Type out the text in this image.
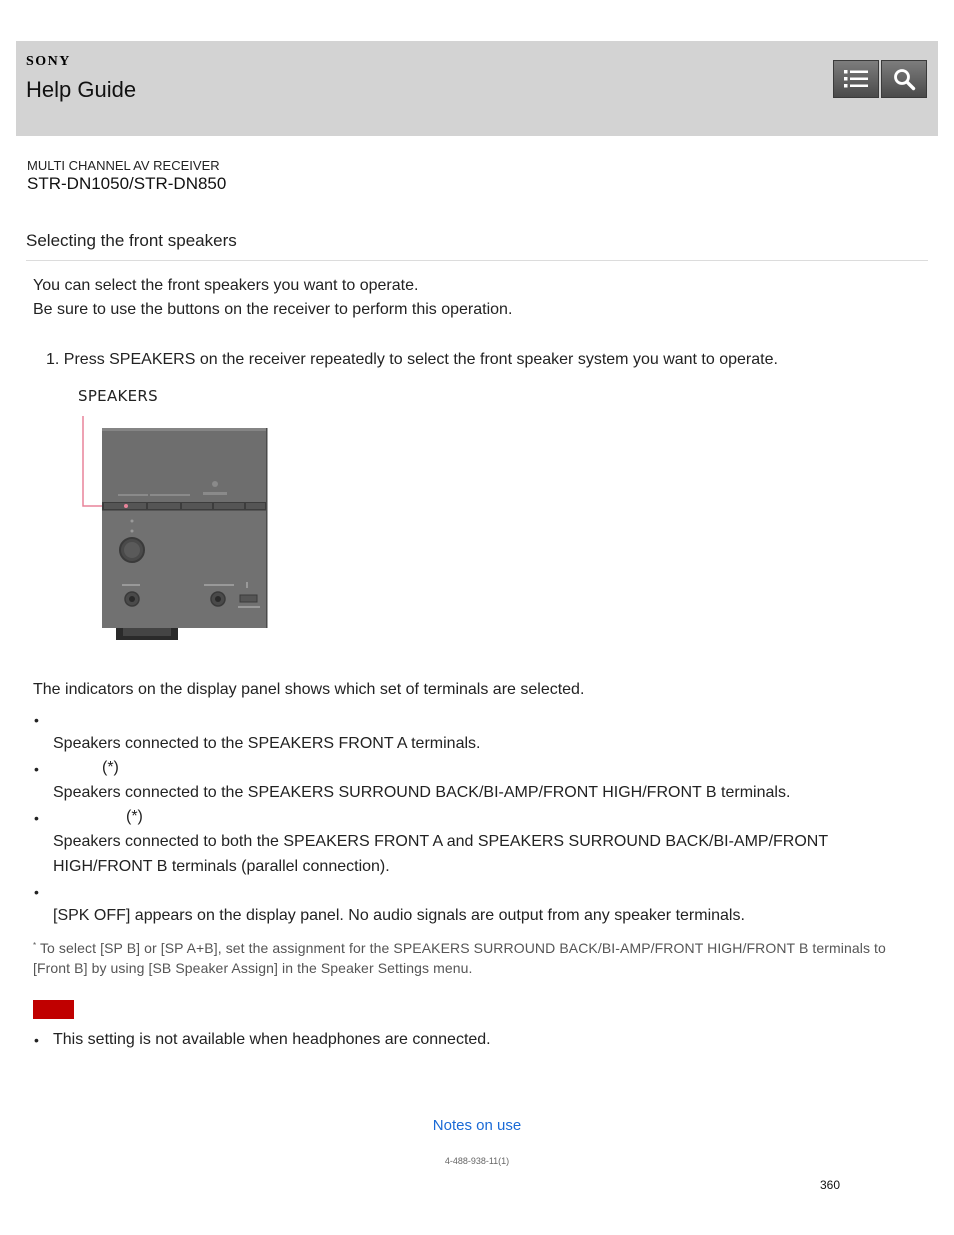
SONY
Help Guide
MULTI CHANNEL AV RECEIVER
STR-DN1050/STR-DN850
Selecting the front speakers
You can select the front speakers you want to operate.
Be sure to use the buttons on the receiver to perform this operation.
1. Press SPEAKERS on the receiver repeatedly to select the front speaker system you want to operate.
SPEAKERS
The indicators on the display panel shows which set of terminals are selected.
•
Speakers connected to the SPEAKERS FRONT A terminals.
•	(*)
Speakers connected to the SPEAKERS SURROUND BACK/BI-AMP/FRONT HIGH/FRONT B terminals.
•	(*)
Speakers connected to both the SPEAKERS FRONT A and SPEAKERS SURROUND BACK/BI-AMP/FRONT HIGH/FRONT B terminals (parallel connection).
•
[SPK OFF] appears on the display panel. No audio signals are output from any speaker terminals.
* To select [SP B] or [SP A+B], set the assignment for the SPEAKERS SURROUND BACK/BI-AMP/FRONT HIGH/FRONT B terminals to [Front B] by using [SB Speaker Assign] in the Speaker Settings menu.
• This setting is not available when headphones are connected.
Notes on use
4-488-938-11(1)
360
